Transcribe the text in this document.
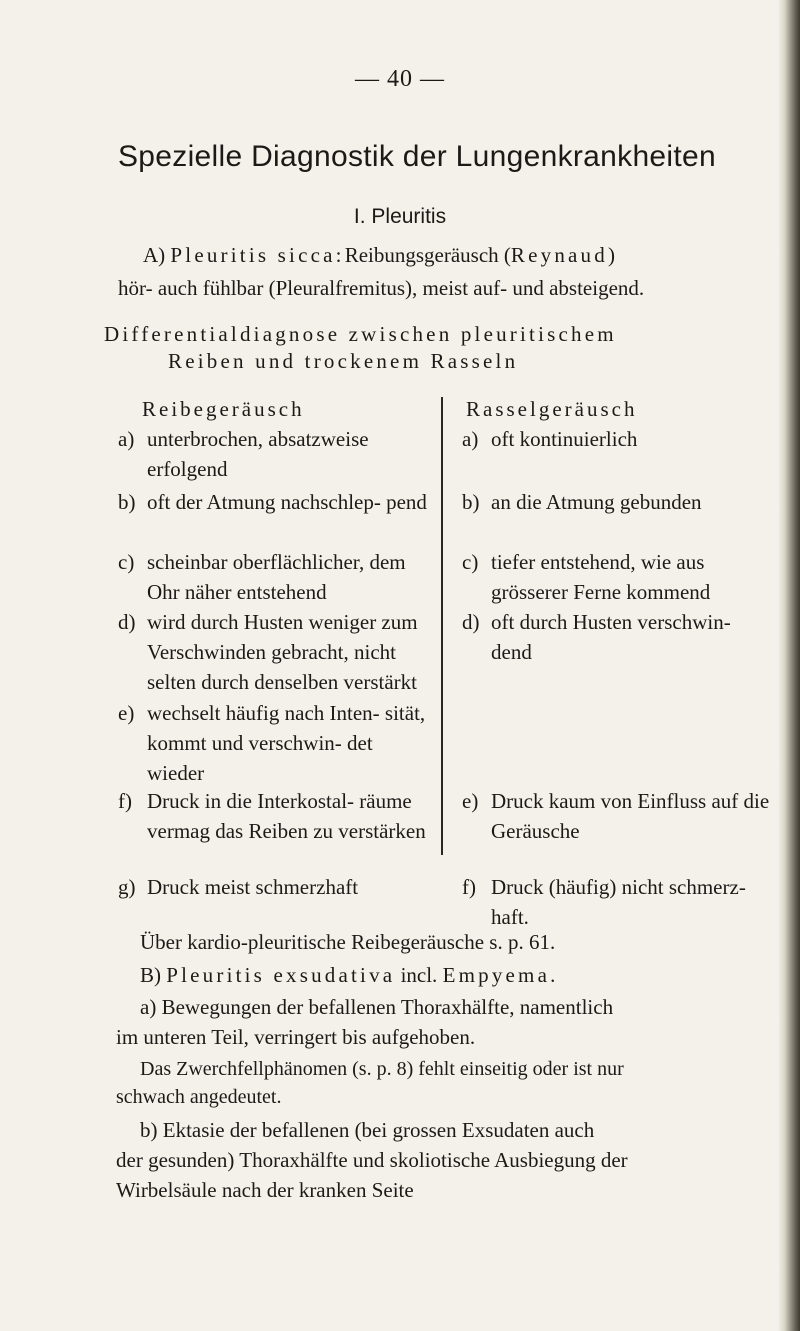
— 40 —
Spezielle Diagnostik der Lungenkrankheiten
I. Pleuritis
A) Pleuritis sicca:Reibungsgeräusch (Reynaud)
hör- auch fühlbar (Pleuralfremitus), meist auf- und absteigend.
Differentialdiagnose zwischen pleuritischem
Reiben und trockenem Rasseln
Reibegeräusch	Rasselgeräusch
a) unterbrochen, absatzweise erfolgend
b) oft der Atmung nachschlep- pend
c) scheinbar oberflächlicher, dem Ohr näher entstehend
d) wird durch Husten weniger zum Verschwinden gebracht, nicht selten durch denselben verstärkt
e) wechselt häufig nach Inten- sität, kommt und verschwin- det wieder
f) Druck in die Interkostal- räume vermag das Reiben zu verstärken
g) Druck meist schmerzhaft
a) oft kontinuierlich
b) an die Atmung gebunden
c) tiefer entstehend, wie aus grösserer Ferne kommend
d) oft durch Husten verschwin- dend
e) Druck kaum von Einfluss auf die Geräusche
f) Druck (häufig) nicht schmerz- haft.
Über kardio-pleuritische Reibegeräusche s. p. 61.
B) Pleuritis exsudativa incl. Empyema.
a) Bewegungen der befallenen Thoraxhälfte, namentlich
im unteren Teil, verringert bis aufgehoben.
Das Zwerchfellphänomen (s. p. 8) fehlt einseitig oder ist nur
schwach angedeutet.
b) Ektasie der befallenen (bei grossen Exsudaten auch
der gesunden) Thoraxhälfte und skoliotische Ausbiegung der
Wirbelsäule nach der kranken Seite
